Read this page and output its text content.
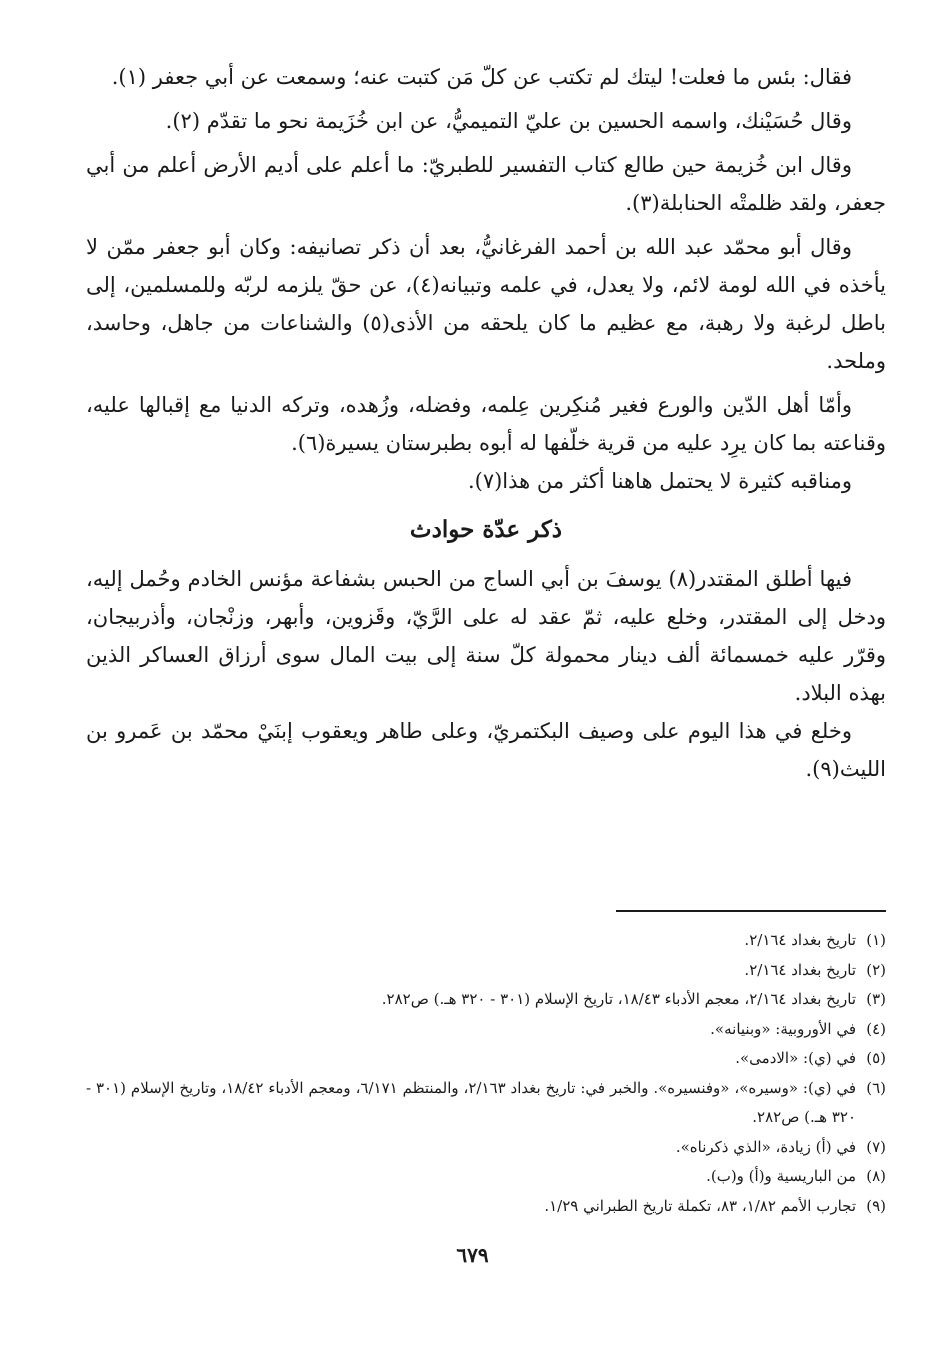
فقال: بئس ما فعلت! ليتك لم تكتب عن كلّ مَن كتبت عنه؛ وسمعت عن أبي جعفر (١).

وقال حُسَيْنك، واسمه الحسين بن عليّ التميميُّ، عن ابن خُزَيمة نحو ما تقدّم (٢).

وقال ابن خُزيمة حين طالع كتاب التفسير للطبريّ: ما أعلم على أديم الأرض أعلم من أبي جعفر، ولقد ظلمتْه الحنابلة(٣).

وقال أبو محمّد عبد الله بن أحمد الفرغانيُّ، بعد أن ذكر تصانيفه: وكان أبو جعفر ممّن لا يأخذه في الله لومة لائم، ولا يعدل، في علمه وتبيانه(٤)، عن حقّ يلزمه لربّه وللمسلمين، إلى باطل لرغبة ولا رهبة، مع عظيم ما كان يلحقه من الأذى(٥) والشناعات من جاهل، وحاسد، وملحد.

وأمّا أهل الدّين والورع فغير مُنكِرين عِلمه، وفضله، وزُهده، وتركه الدنيا مع إقبالها عليه، وقناعته بما كان يرِد عليه من قرية خلّفها له أبوه بطبرستان يسيرة(٦).

ومناقبه كثيرة لا يحتمل هاهنا أكثر من هذا(٧).

ذكر عدّة حوادث

فيها أطلق المقتدر(٨) يوسفَ بن أبي الساج من الحبس بشفاعة مؤنس الخادم وحُمل إليه، ودخل إلى المقتدر، وخلع عليه، ثمّ عقد له على الرَّيّ، وقَزوين، وأبهر، وزنْجان، وأذربيجان، وقرّر عليه خمسمائة ألف دينار محمولة كلّ سنة إلى بيت المال سوى أرزاق العساكر الذين بهذه البلاد.

وخلع في هذا اليوم على وصيف البكتمريّ، وعلى طاهر ويعقوب إبنَيْ محمّد بن عَمرو بن الليث(٩).

(١)تاريخ بغداد ٢/١٦٤.

(٢)تاريخ بغداد ٢/١٦٤.

(٣)تاريخ بغداد ٢/١٦٤، معجم الأدباء ١٨/٤٣، تاريخ الإسلام (٣٠١ - ٣٢٠ هـ.) ص٢٨٢.

(٤)في الأوروبية: «وبنيانه».

(٥)في (ي): «الادمى».

(٦)في (ي): «وسيره»، «وفنسيره». والخبر في: تاريخ بغداد ٢/١٦٣، والمنتظم ٦/١٧١، ومعجم الأدباء ١٨/٤٢، وتاريخ الإسلام (٣٠١ - ٣٢٠ هـ.) ص٢٨٢.

(٧)في (أ) زيادة، «الذي ذكرناه».

(٨)من الباريسية و(أ) و(ب).

(٩)تجارب الأمم ١/٨٢، ٨٣، تكملة تاريخ الطبراني ١/٢٩.

٦٧٩
